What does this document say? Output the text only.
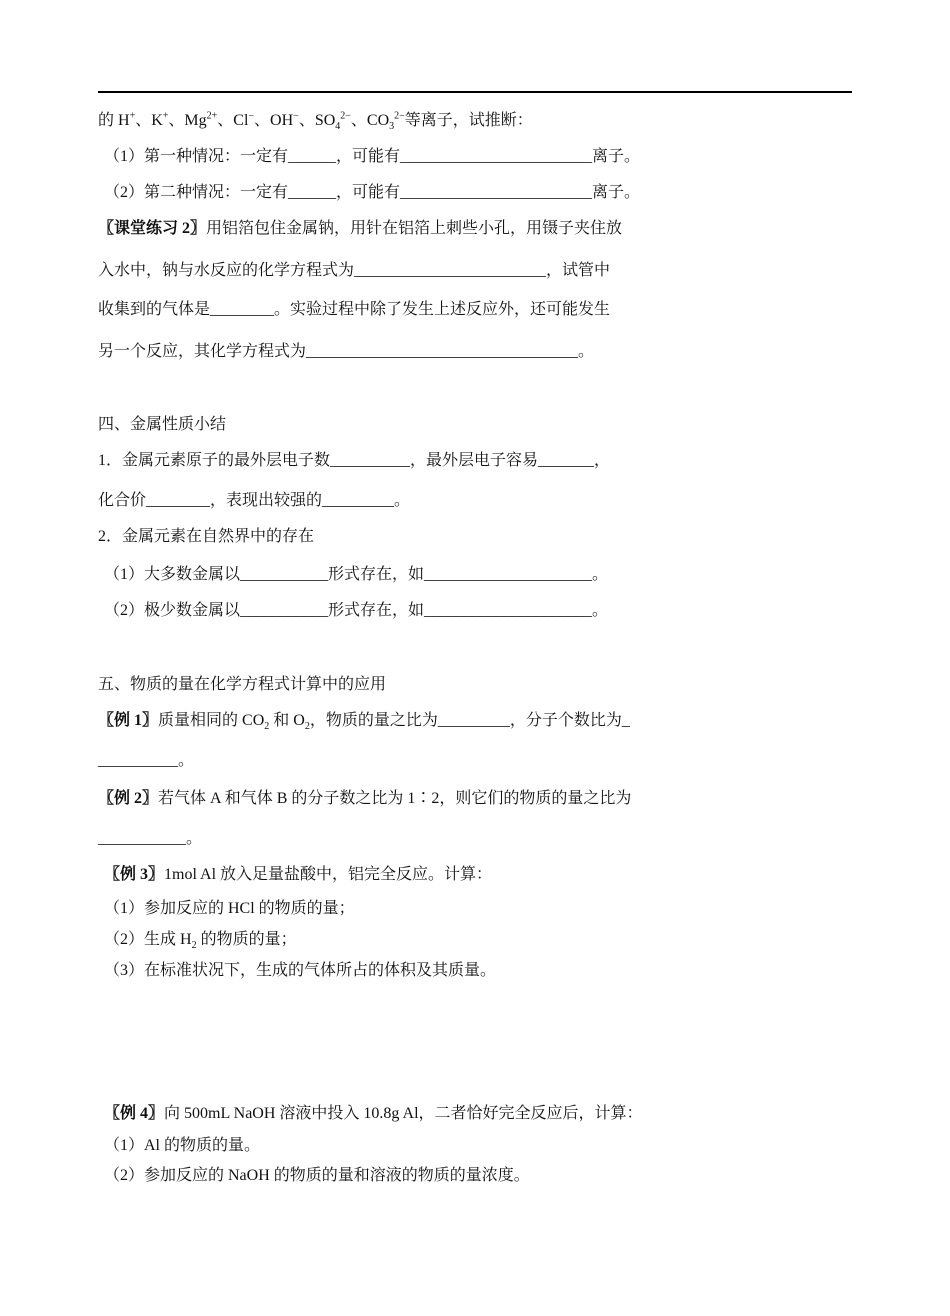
的 H+、K+、$Mg^{2+}$、Cl−、OH−、$SO_4^{2-}$、$CO_3^{2-}$等离子，试推断：
（1）第一种情况：一定有______，可能有________________________离子。
（2）第二种情况：一定有______，可能有________________________离子。
〖课堂练习 2〗用铝箔包住金属钠，用针在铝箔上刺些小孔，用镊子夹住放
入水中，钠与水反应的化学方程式为________________________，试管中
收集到的气体是________。实验过程中除了发生上述反应外，还可能发生
另一个反应，其化学方程式为__________________________________。
四、金属性质小结
1．金属元素原子的最外层电子数__________，最外层电子容易_______，
化合价________，表现出较强的_________。
2．金属元素在自然界中的存在
（1）大多数金属以___________形式存在，如_____________________。
（2）极少数金属以___________形式存在，如_____________________。
五、物质的量在化学方程式计算中的应用
〖例 1〗质量相同的 $CO_2$ 和 $O_2$，物质的量之比为_________，分子个数比为_
__________。
〖例 2〗若气体 A 和气体 B 的分子数之比为 1∶2，则它们的物质的量之比为
___________。
〖例 3〗1mol Al 放入足量盐酸中，铝完全反应。计算：
（1）参加反应的 HCl 的物质的量；
（2）生成 $H_2$ 的物质的量；
（3）在标准状况下，生成的气体所占的体积及其质量。
〖例 4〗向 500mL NaOH 溶液中投入 10.8g Al，二者恰好完全反应后，计算：
（1）Al 的物质的量。
（2）参加反应的 NaOH 的物质的量和溶液的物质的量浓度。
